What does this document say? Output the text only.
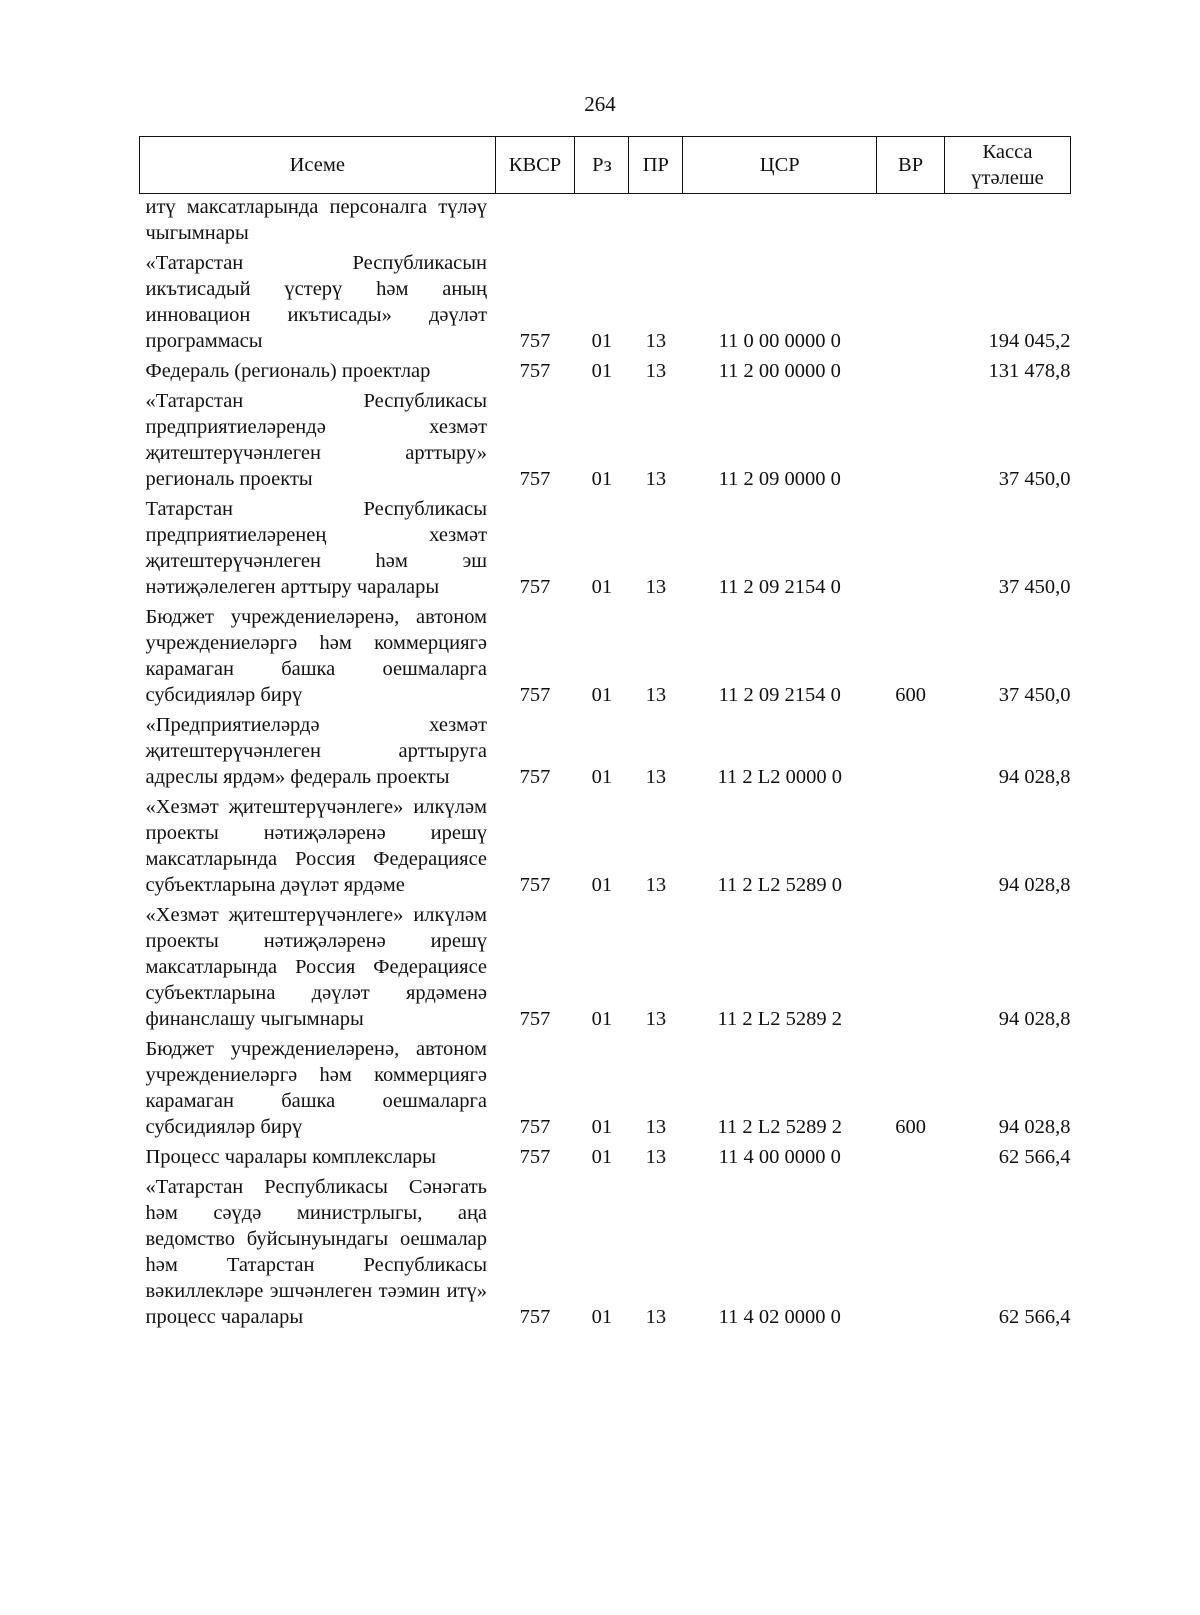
264
Исеме	КВСР	Рз	ПР	ЦСР	ВР	Касса үтәлеше
итү максатларында персоналга түләү чыгымнары						
«Татарстан Республикасын икътисадый үстерү һәм аның инновацион икътисады» дәүләт программасы	757	01	13	11 0 00 0000 0		194 045,2
Федераль (региональ) проектлар	757	01	13	11 2 00 0000 0		131 478,8
«Татарстан Республикасы предприятиеләрендә хезмәт җитештерүчәнлеген арттыру» региональ проекты	757	01	13	11 2 09 0000 0		37 450,0
Татарстан Республикасы предприятиеләренең хезмәт җитештерүчәнлеген һәм эш нәтиҗәлелеген арттыру чаралары	757	01	13	11 2 09 2154 0		37 450,0
Бюджет учреждениеләренә, автоном учреждениеләргә һәм коммерциягә карамаган башка оешмаларга субсидияләр бирү	757	01	13	11 2 09 2154 0	600	37 450,0
«Предприятиеләрдә хезмәт җитештерүчәнлеген арттыруга адреслы ярдәм» федераль проекты	757	01	13	11 2 L2 0000 0		94 028,8
«Хезмәт җитештерүчәнлеге» илкүләм проекты нәтиҗәләренә ирешү максатларында Россия Федерациясе субъектларына дәүләт ярдәме	757	01	13	11 2 L2 5289 0		94 028,8
«Хезмәт җитештерүчәнлеге» илкүләм проекты нәтиҗәләренә ирешү максатларында Россия Федерациясе субъектларына дәүләт ярдәменә финанслашу чыгымнары	757	01	13	11 2 L2 5289 2		94 028,8
Бюджет учреждениеләренә, автоном учреждениеләргә һәм коммерциягә карамаган башка оешмаларга субсидияләр бирү	757	01	13	11 2 L2 5289 2	600	94 028,8
Процесс чаралары комплекслары	757	01	13	11 4 00 0000 0		62 566,4
«Татарстан Республикасы Сәнәгать һәм сәүдә министрлыгы, аңа ведомство буйсынуындагы оешмалар һәм Татарстан Республикасы вәкиллекләре эшчәнлеген тәэмин итү» процесс чаралары	757	01	13	11 4 02 0000 0		62 566,4
